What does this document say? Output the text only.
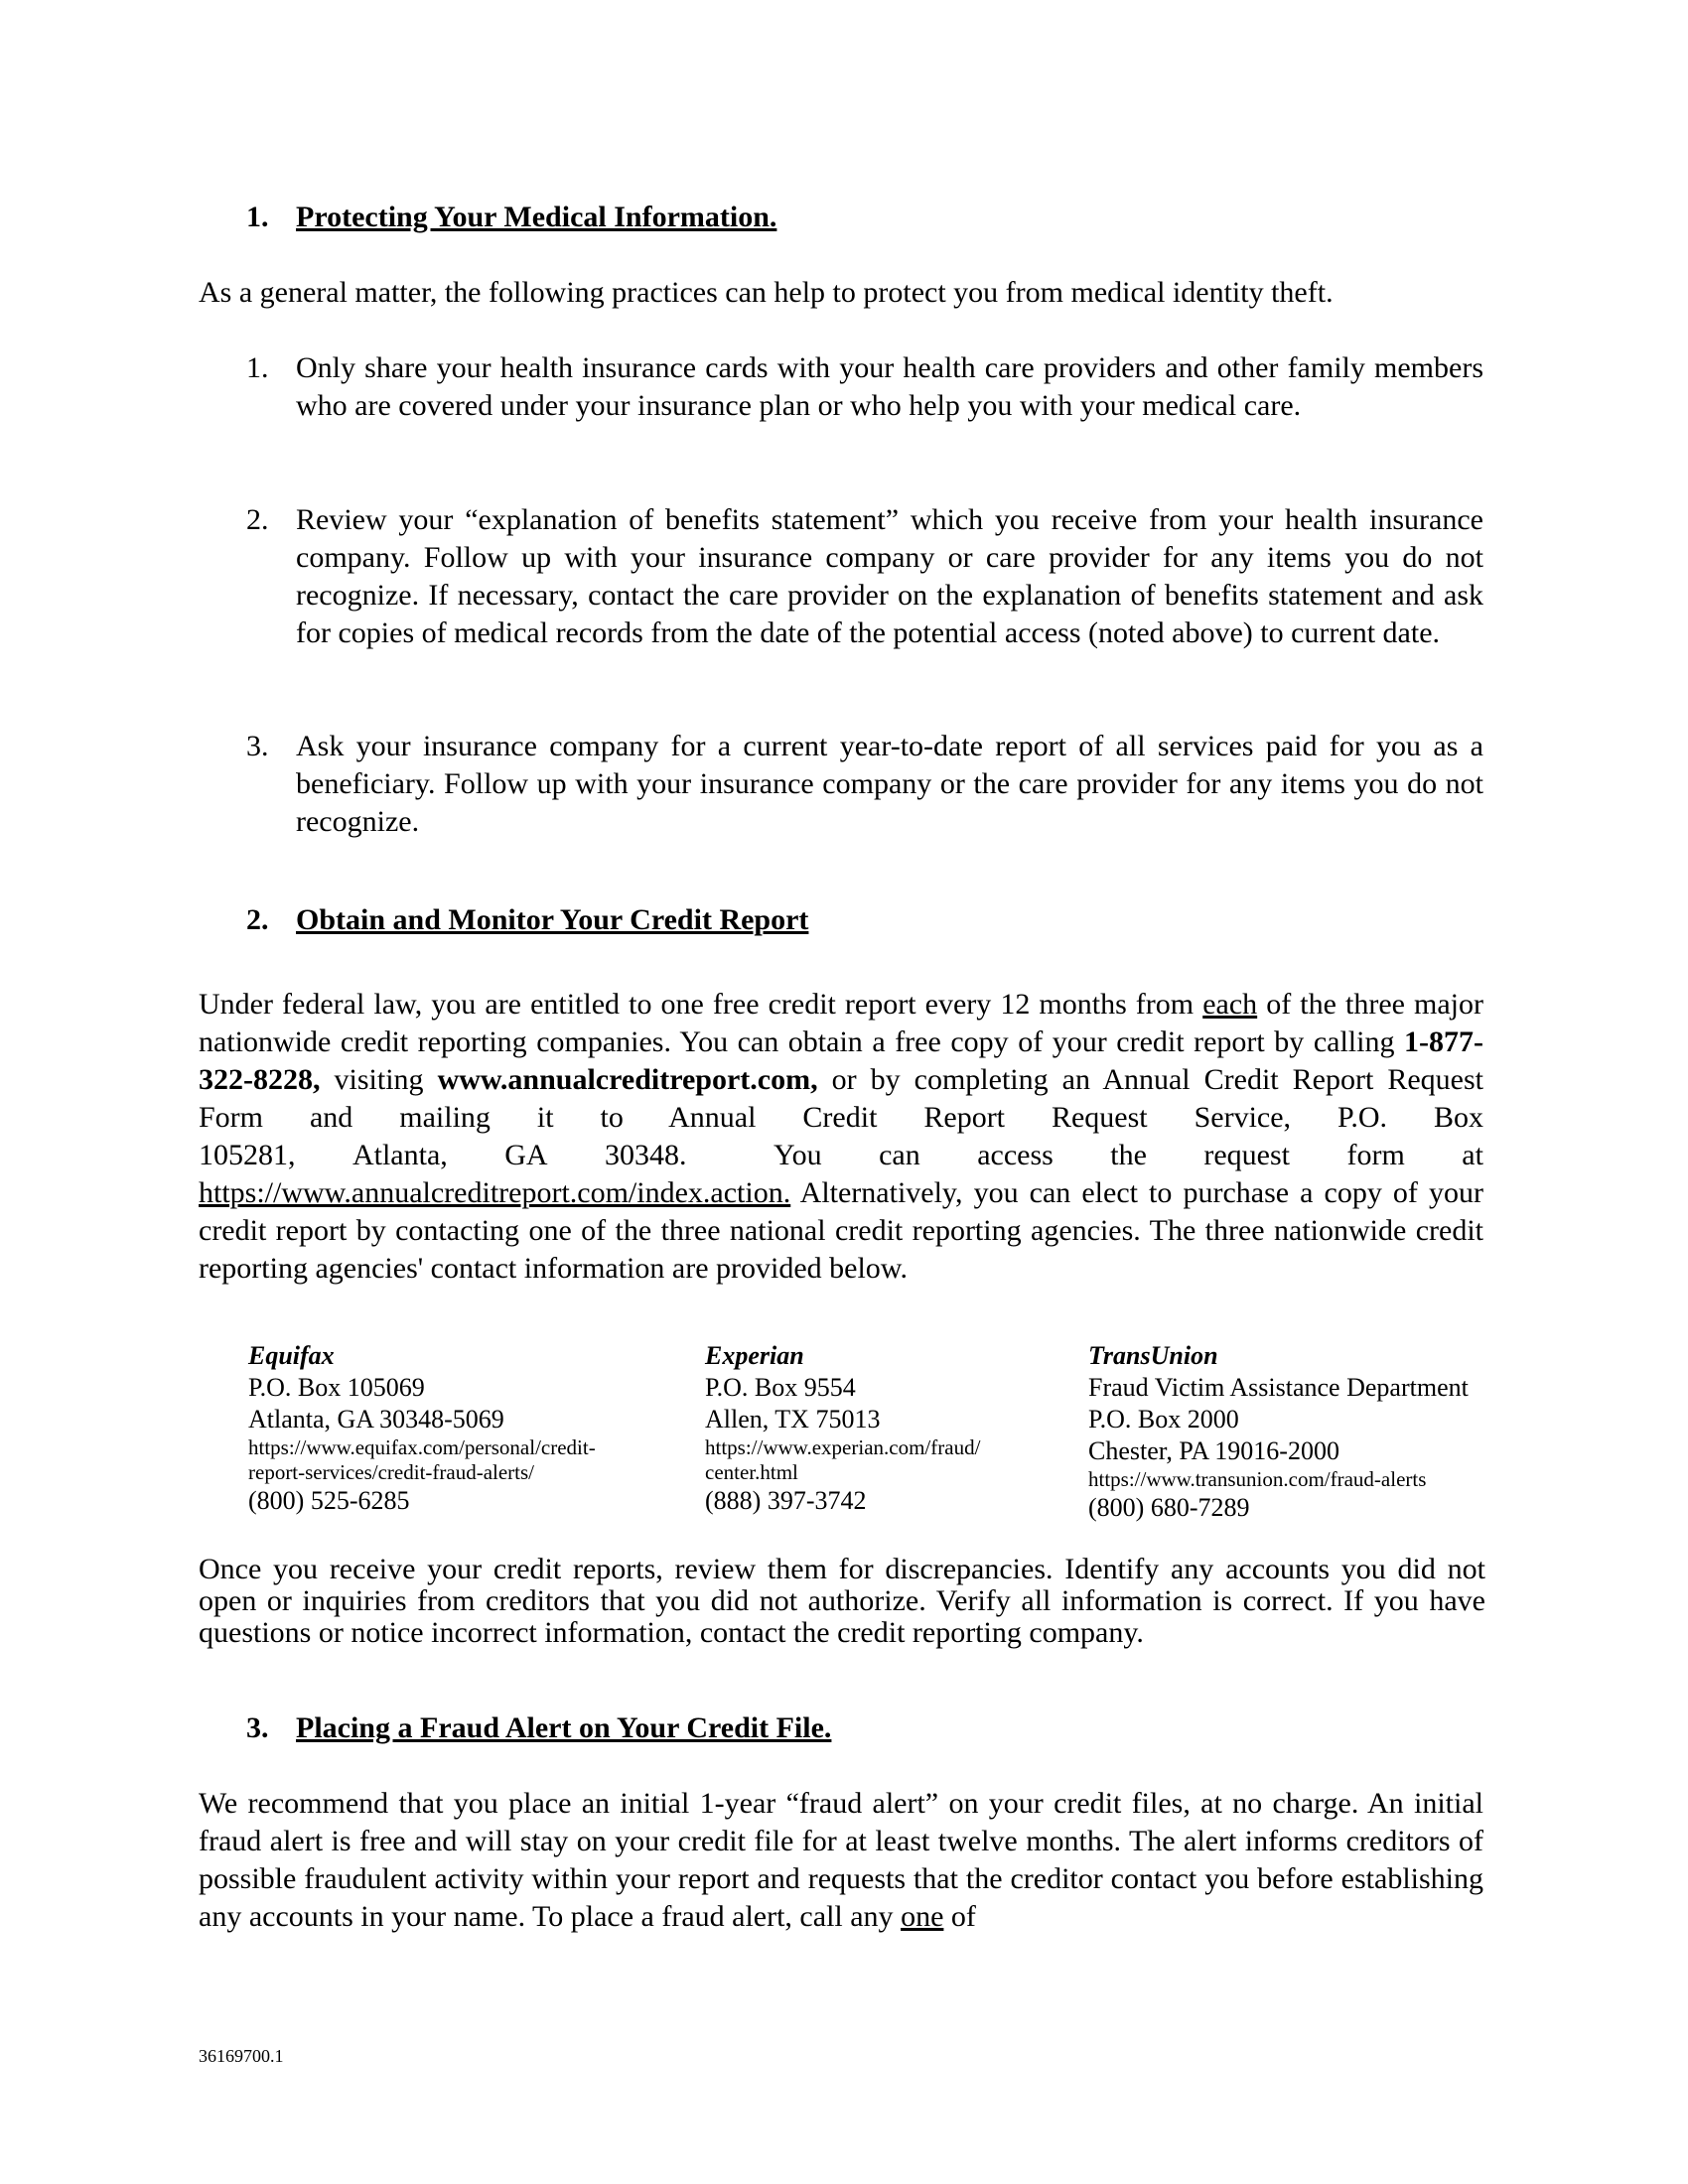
1. Protecting Your Medical Information.
As a general matter, the following practices can help to protect you from medical identity theft.
1. Only share your health insurance cards with your health care providers and other family members who are covered under your insurance plan or who help you with your medical care.
2. Review your “explanation of benefits statement” which you receive from your health insurance company. Follow up with your insurance company or care provider for any items you do not recognize. If necessary, contact the care provider on the explanation of benefits statement and ask for copies of medical records from the date of the potential access (noted above) to current date.
3. Ask your insurance company for a current year-to-date report of all services paid for you as a beneficiary. Follow up with your insurance company or the care provider for any items you do not recognize.
2. Obtain and Monitor Your Credit Report
Under federal law, you are entitled to one free credit report every 12 months from each of the three major nationwide credit reporting companies. You can obtain a free copy of your credit report by calling 1-877-322-8228, visiting www.annualcreditreport.com, or by completing an Annual Credit Report Request Form and mailing it to Annual Credit Report Request Service, P.O. Box
105281, Atlanta, GA 30348.	You can access the request form at
https://www.annualcreditreport.com/index.action. Alternatively, you can elect to purchase a copy of your credit report by contacting one of the three national credit reporting agencies. The three nationwide credit reporting agencies' contact information are provided below.
Equifax
P.O. Box 105069
Atlanta, GA 30348-5069
https://www.equifax.com/personal/credit-
report-services/credit-fraud-alerts/
(800) 525-6285
Experian
P.O. Box 9554
Allen, TX 75013
https://www.experian.com/fraud/
center.html
(888) 397-3742
TransUnion
Fraud Victim Assistance Department
P.O. Box 2000
Chester, PA 19016-2000
https://www.transunion.com/fraud-alerts
(800) 680-7289
Once you receive your credit reports, review them for discrepancies. Identify any accounts you did not open or inquiries from creditors that you did not authorize. Verify all information is correct. If you have questions or notice incorrect information, contact the credit reporting company.
3. Placing a Fraud Alert on Your Credit File.
We recommend that you place an initial 1-year “fraud alert” on your credit files, at no charge. An initial fraud alert is free and will stay on your credit file for at least twelve months. The alert informs creditors of possible fraudulent activity within your report and requests that the creditor contact you before establishing any accounts in your name. To place a fraud alert, call any one of
36169700.1
